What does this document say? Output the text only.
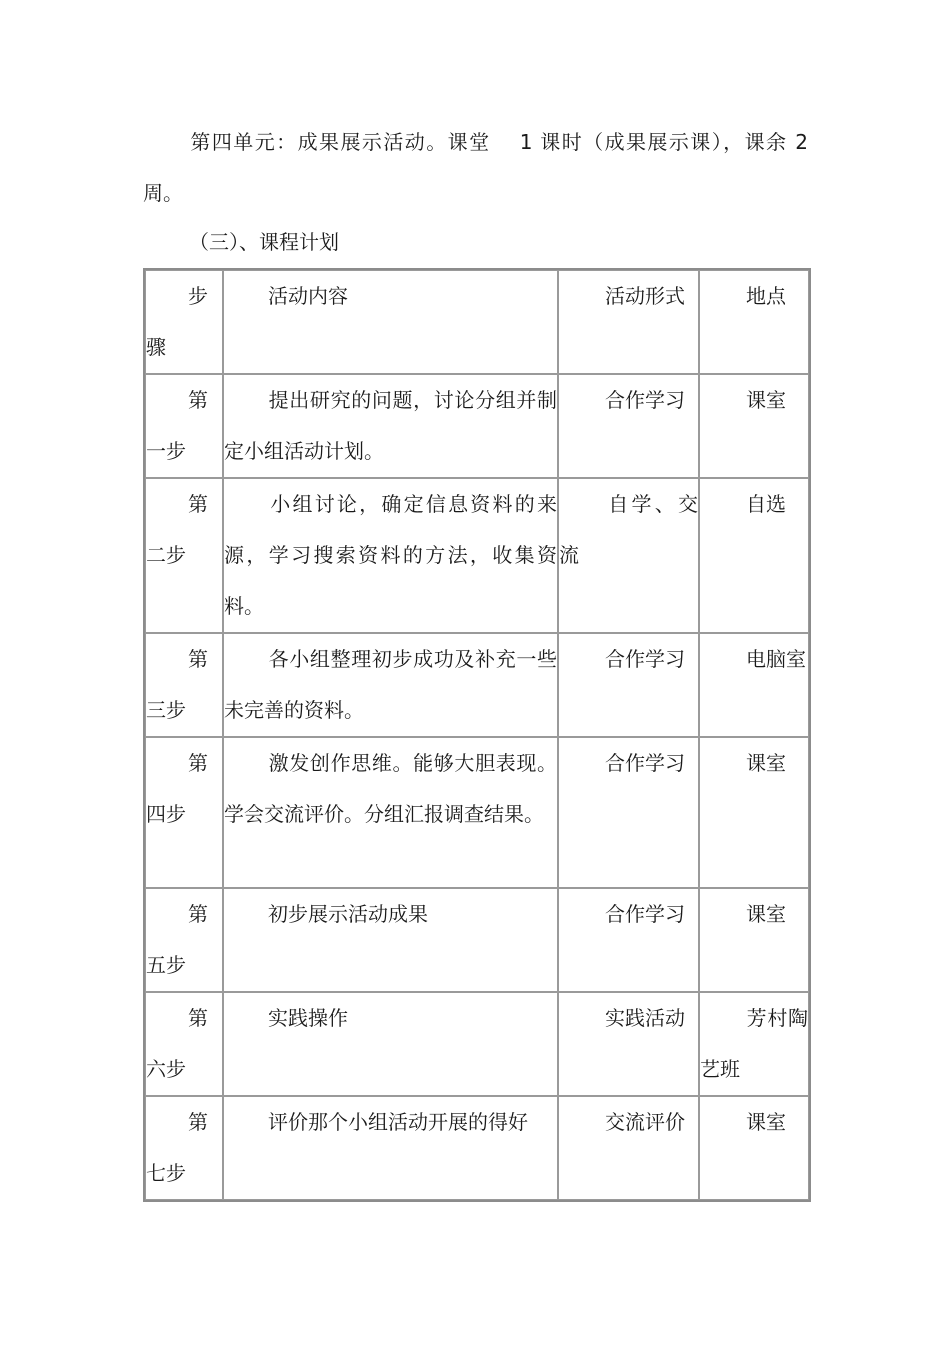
第四单元：成果展示活动。课堂　 1 课时（成果展示课），课余 2 周。
（三）、课程计划
步
骤	活动内容	活动形式	地点

第
一步	提出研究的问题，讨论分组并制定小组活动计划。	合作学习	课室

第
二步	小组讨论，确定信息资料的来源，学习搜索资料的方法，收集资料。	自学、交流	自选

第
三步	各小组整理初步成功及补充一些未完善的资料。	合作学习	电脑室

第
四步	激发创作思维。能够大胆表现。学会交流评价。分组汇报调查结果。	合作学习	课室

第
五步	初步展示活动成果	合作学习	课室

第
六步	实践操作	实践活动	芳村陶艺班

第
七步	评价那个小组活动开展的得好	交流评价	课室
